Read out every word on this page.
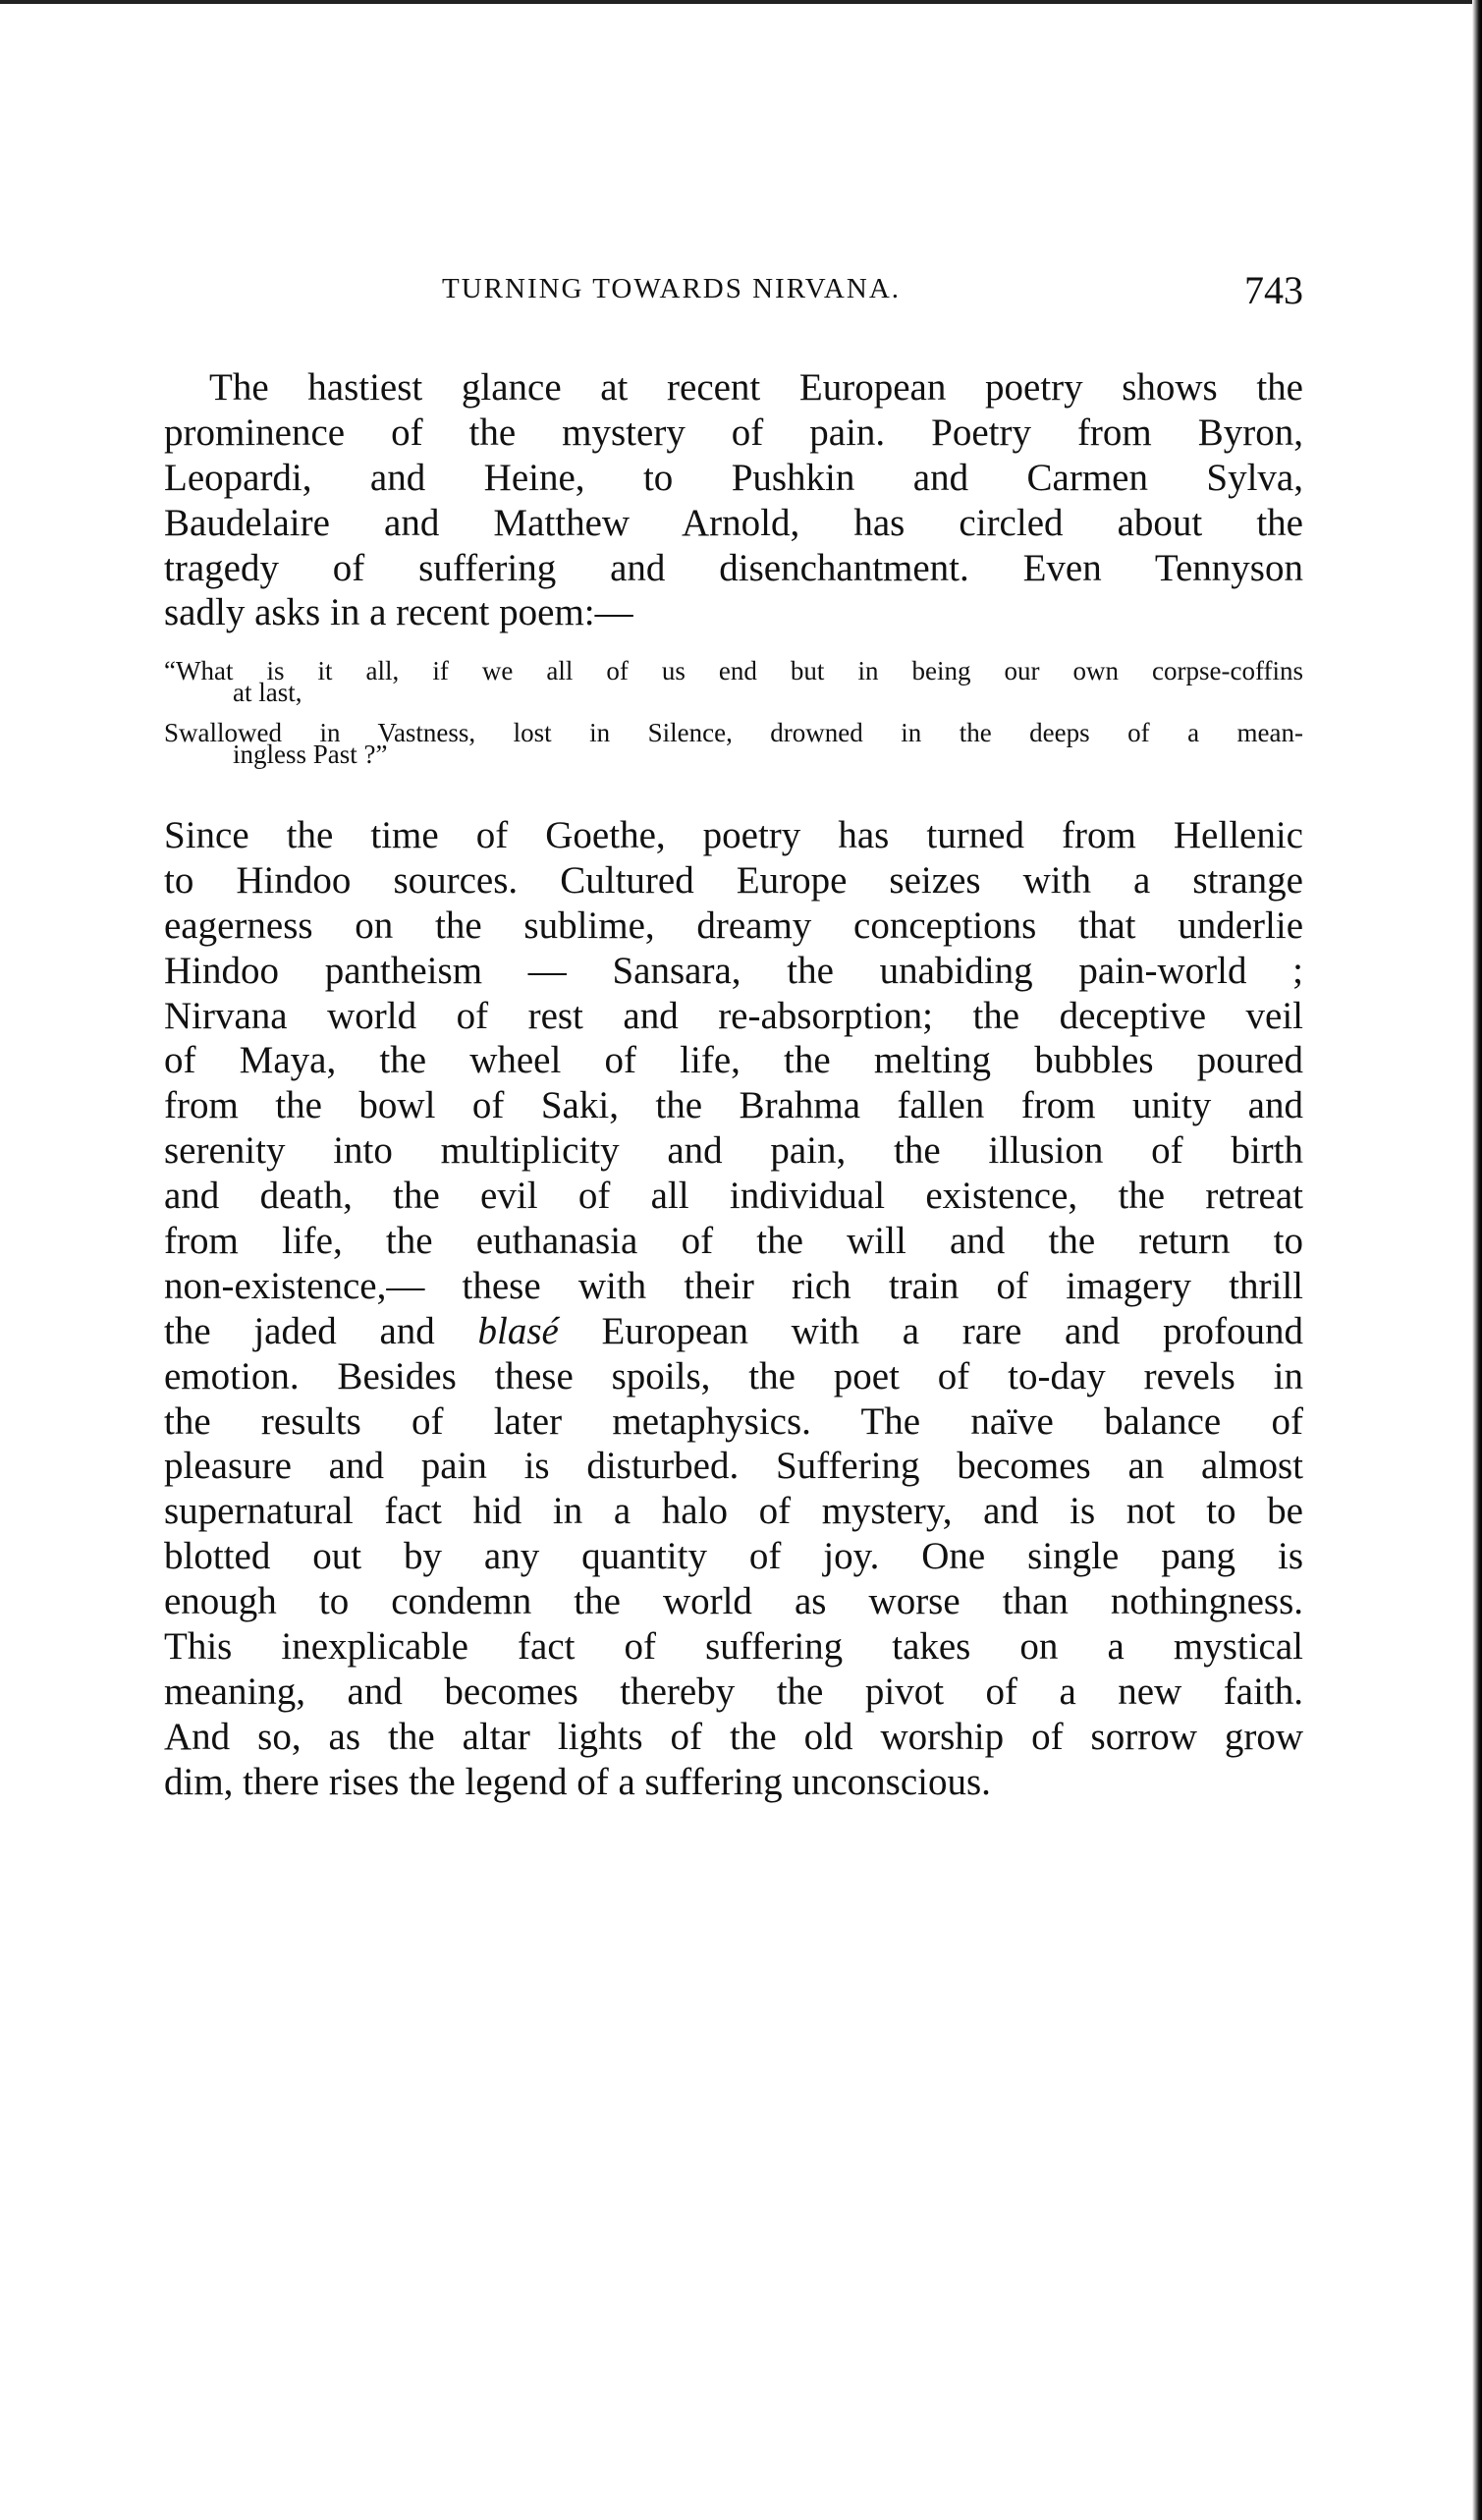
TURNING TOWARDS NIRVANA.	743
The hastiest glance at recent European poetry shows the
prominence of the mystery of pain. Poetry from Byron,
Leopardi, and Heine, to Pushkin and Carmen Sylva,
Baudelaire and Matthew Arnold, has circled about the
tragedy of suffering and disenchantment. Even Tennyson
sadly asks in a recent poem:—
“What is it all, if we all of us end but in being our own corpse-coffins
at last,
Swallowed in Vastness, lost in Silence, drowned in the deeps of a mean-
ingless Past ?”
Since the time of Goethe, poetry has turned from Hellenic
to Hindoo sources. Cultured Europe seizes with a strange
eagerness on the sublime, dreamy conceptions that underlie
Hindoo pantheism — Sansara, the unabiding pain-world ;
Nirvana world of rest and re-absorption; the deceptive veil
of Maya, the wheel of life, the melting bubbles poured
from the bowl of Saki, the Brahma fallen from unity and
serenity into multiplicity and pain, the illusion of birth
and death, the evil of all individual existence, the retreat
from life, the euthanasia of the will and the return to
non-existence,— these with their rich train of imagery thrill
the jaded and blasé European with a rare and profound
emotion. Besides these spoils, the poet of to-day revels in
the results of later metaphysics. The naïve balance of
pleasure and pain is disturbed. Suffering becomes an almost
supernatural fact hid in a halo of mystery, and is not to be
blotted out by any quantity of joy. One single pang is
enough to condemn the world as worse than nothingness.
This inexplicable fact of suffering takes on a mystical
meaning, and becomes thereby the pivot of a new faith.
And so, as the altar lights of the old worship of sorrow grow
dim, there rises the legend of a suffering unconscious.
